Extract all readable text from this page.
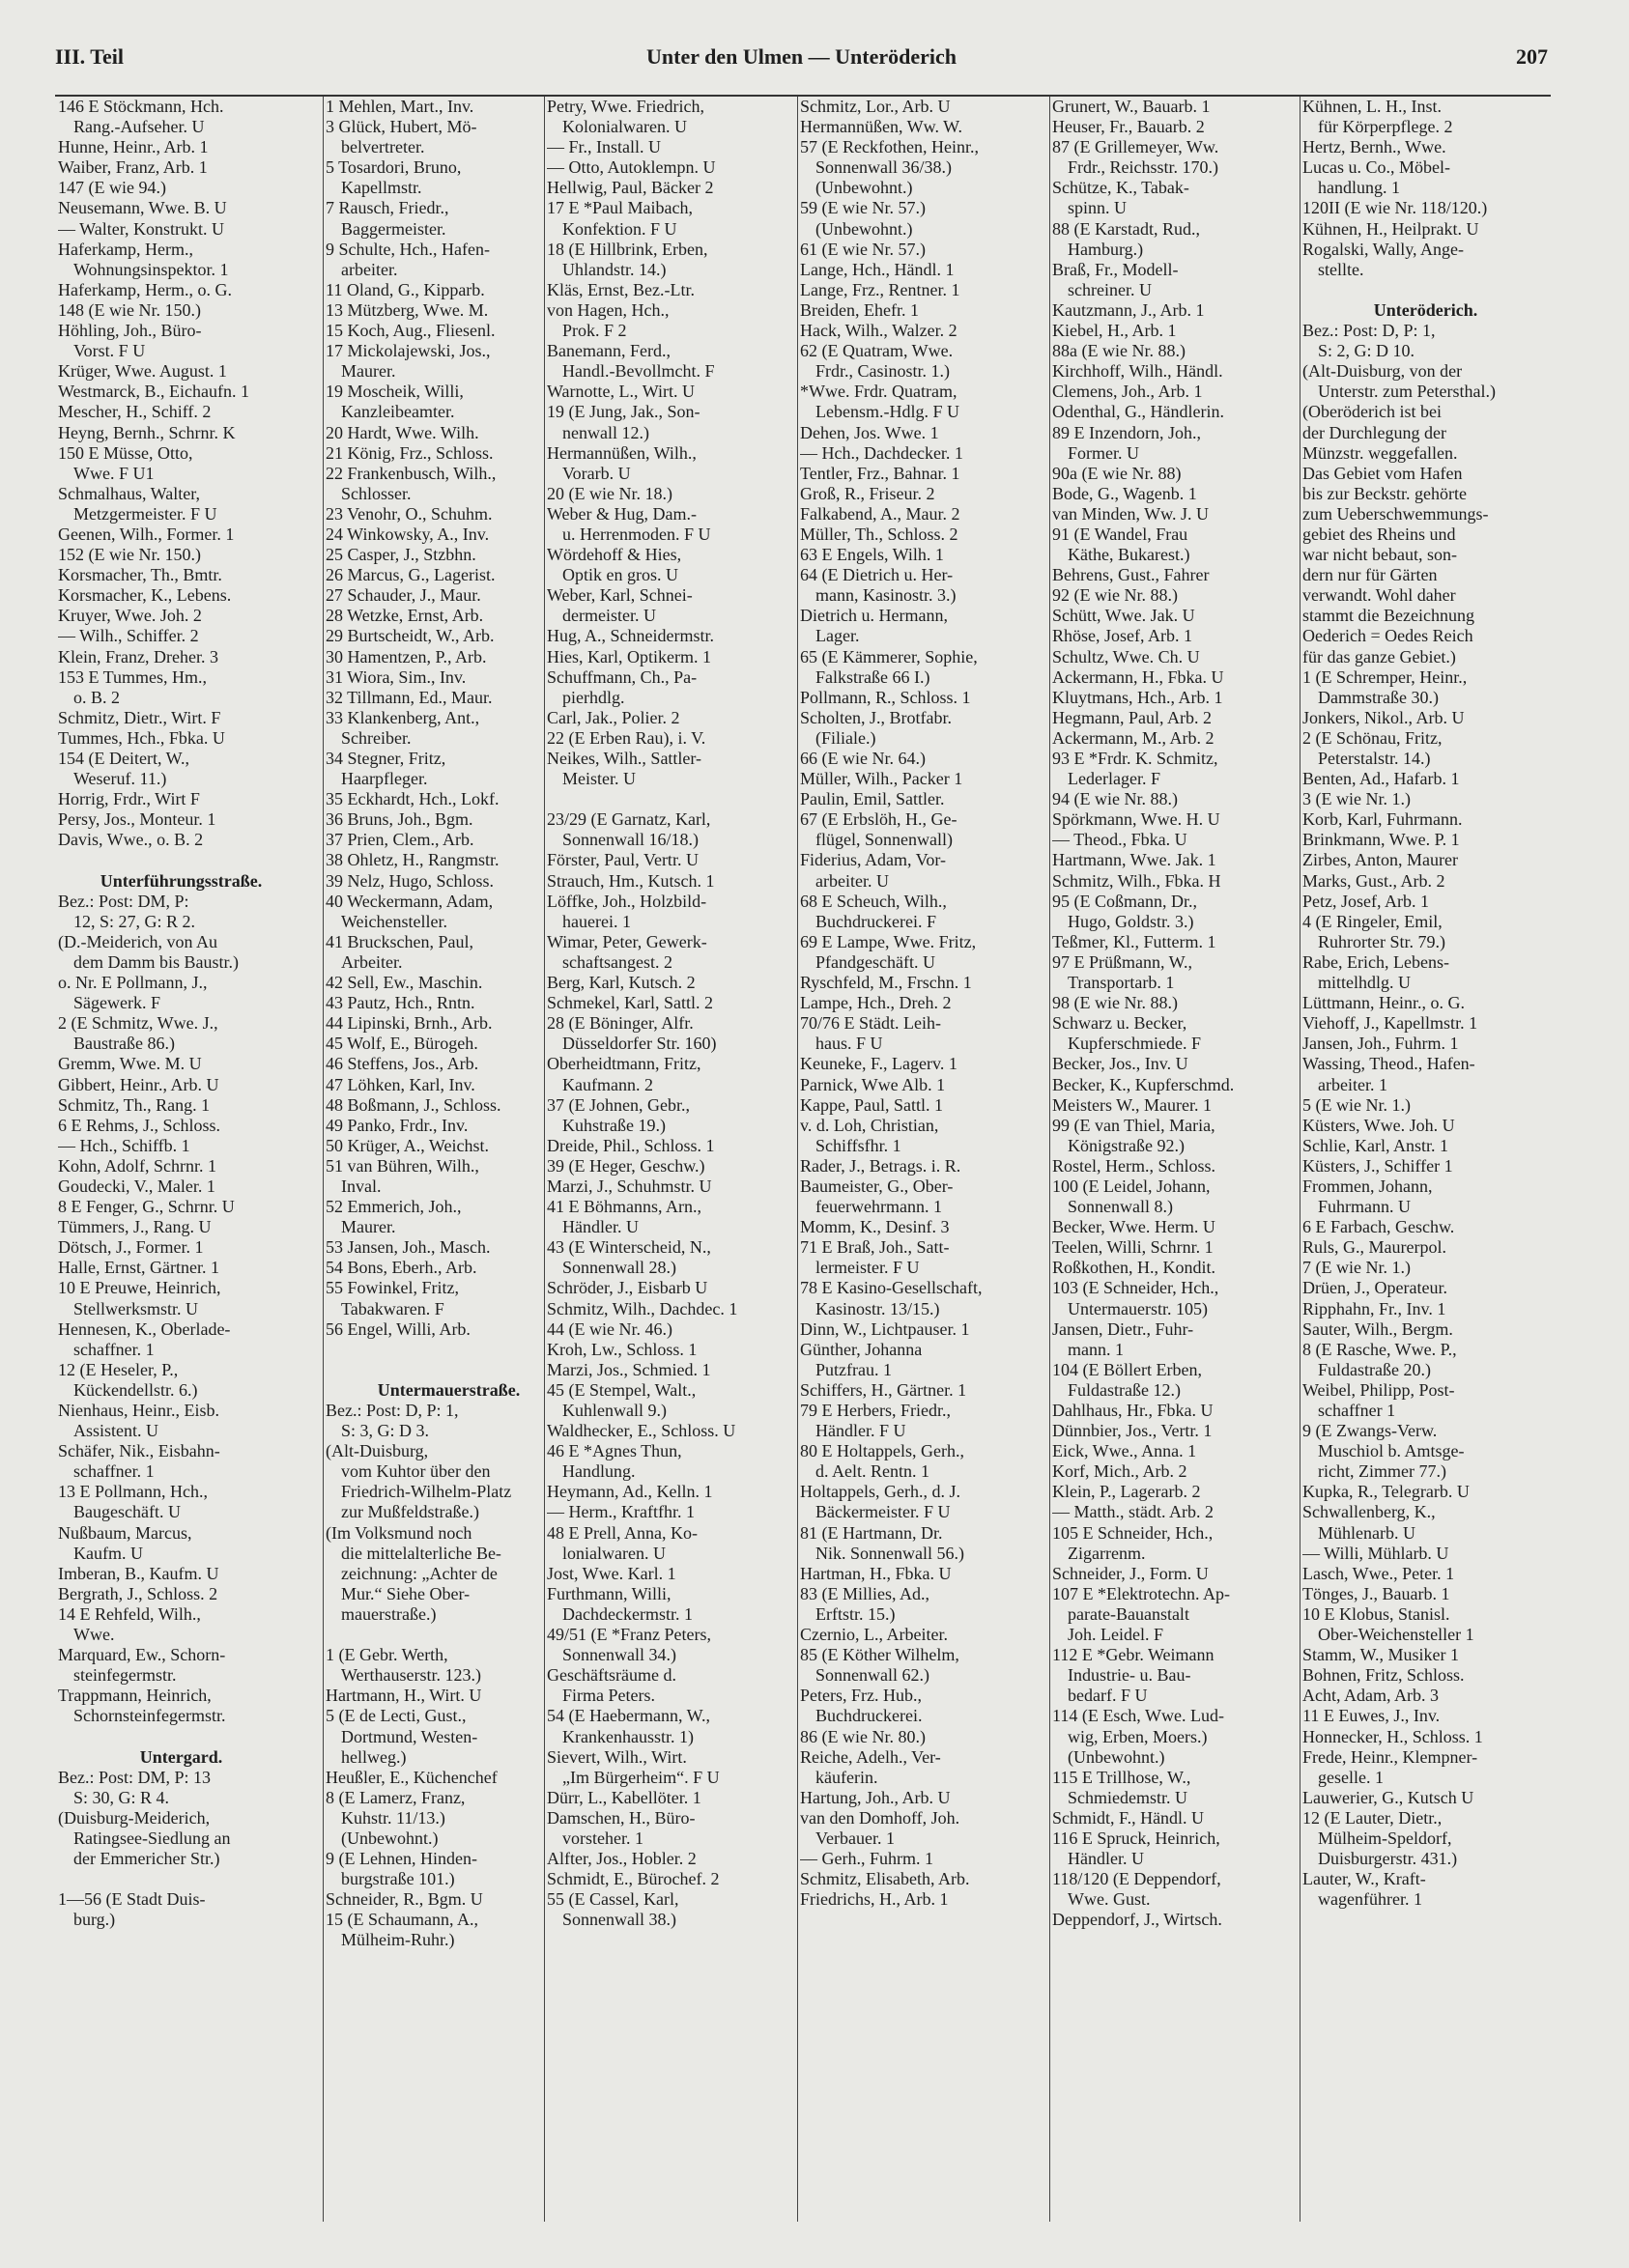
III. Teil	Unter den Ulmen — Unteröderich	207
146 E Stöckmann, Hch.
Rang.-Aufseher. U
Hunne, Heinr., Arb. 1
Waiber, Franz, Arb. 1
147 (E wie 94.)
Neusemann, Wwe. B. U
— Walter, Konstrukt. U
Haferkamp, Herm.,
Wohnungsinspektor. 1
Haferkamp, Herm., o. G.
148 (E wie Nr. 150.)
Höhling, Joh., Büro-
Vorst. F U
Krüger, Wwe. August. 1
Westmarck, B., Eichaufn. 1
Mescher, H., Schiff. 2
Heyng, Bernh., Schrnr. K
150 E Müsse, Otto,
Wwe. F U1
Schmalhaus, Walter,
Metzgermeister. F U
Geenen, Wilh., Former. 1
152 (E wie Nr. 150.)
Korsmacher, Th., Bmtr.
Korsmacher, K., Lebens.
Kruyer, Wwe. Joh. 2
— Wilh., Schiffer. 2
Klein, Franz, Dreher. 3
153 E Tummes, Hm.,
o. B. 2
Schmitz, Dietr., Wirt. F
Tummes, Hch., Fbka. U
154 (E Deitert, W.,
Weseruf. 11.)
Horrig, Frdr., Wirt F
Persy, Jos., Monteur. 1
Davis, Wwe., o. B. 2

Unterführungsstraße.
Bez.: Post: DM, P:
12, S: 27, G: R 2.
(D.-Meiderich, von Au
dem Damm bis Baustr.)
o. Nr. E Pollmann, J.,
Sägewerk. F
2 (E Schmitz, Wwe. J.,
Baustraße 86.)
Gremm, Wwe. M. U
Gibbert, Heinr., Arb. U
Schmitz, Th., Rang. 1
6 E Rehms, J., Schloss.
— Hch., Schiffb. 1
Kohn, Adolf, Schrnr. 1
Goudecki, V., Maler. 1
8 E Fenger, G., Schrnr. U
Tümmers, J., Rang. U
Dötsch, J., Former. 1
Halle, Ernst, Gärtner. 1
10 E Preuwe, Heinrich,
Stellwerksmstr. U
Hennesen, K., Oberlade-
schaffner. 1
12 (E Heseler, P.,
Kückendellstr. 6.)
Nienhaus, Heinr., Eisb.
Assistent. U
Schäfer, Nik., Eisbahn-
schaffner. 1
13 E Pollmann, Hch.,
Baugeschäft. U
Nußbaum, Marcus,
Kaufm. U
Imberan, B., Kaufm. U
Bergrath, J., Schloss. 2
14 E Rehfeld, Wilh.,
Wwe.
Marquard, Ew., Schorn-
steinfegermstr.
Trappmann, Heinrich,
Schornsteinfegermstr.

Untergard.
Bez.: Post: DM, P: 13
S: 30, G: R 4.
(Duisburg-Meiderich,
Ratingsee-Siedlung an
der Emmericher Str.)

1—56 (E Stadt Duis-
burg.)
1 Mehlen, Mart., Inv.
3 Glück, Hubert, Mö-
belvertreter.
5 Tosardori, Bruno,
Kapellmstr.
7 Rausch, Friedr.,
Baggermeister.
9 Schulte, Hch., Hafen-
arbeiter.
11 Oland, G., Kipparb.
13 Mützberg, Wwe. M.
15 Koch, Aug., Fliesenl.
17 Mickolajewski, Jos.,
Maurer.
19 Moscheik, Willi,
Kanzleibeamter.
20 Hardt, Wwe. Wilh.
21 König, Frz., Schloss.
22 Frankenbusch, Wilh.,
Schlosser.
23 Venohr, O., Schuhm.
24 Winkowsky, A., Inv.
25 Casper, J., Stzbhn.
26 Marcus, G., Lagerist.
27 Schauder, J., Maur.
28 Wetzke, Ernst, Arb.
29 Burtscheidt, W., Arb.
30 Hamentzen, P., Arb.
31 Wiora, Sim., Inv.
32 Tillmann, Ed., Maur.
33 Klankenberg, Ant.,
Schreiber.
34 Stegner, Fritz,
Haarpfleger.
35 Eckhardt, Hch., Lokf.
36 Bruns, Joh., Bgm.
37 Prien, Clem., Arb.
38 Ohletz, H., Rangmstr.
39 Nelz, Hugo, Schloss.
40 Weckermann, Adam,
Weichensteller.
41 Bruckschen, Paul,
Arbeiter.
42 Sell, Ew., Maschin.
43 Pautz, Hch., Rntn.
44 Lipinski, Brnh., Arb.
45 Wolf, E., Bürogeh.
46 Steffens, Jos., Arb.
47 Löhken, Karl, Inv.
48 Boßmann, J., Schloss.
49 Panko, Frdr., Inv.
50 Krüger, A., Weichst.
51 van Bühren, Wilh.,
Inval.
52 Emmerich, Joh.,
Maurer.
53 Jansen, Joh., Masch.
54 Bons, Eberh., Arb.
55 Fowinkel, Fritz,
Tabakwaren. F
56 Engel, Willi, Arb.

Untermauerstraße.
Bez.: Post: D, P: 1,
S: 3, G: D 3.
(Alt-Duisburg,
vom Kuhtor über den
Friedrich-Wilhelm-Platz
zur Mußfeldstraße.)
(Im Volksmund noch
die mittelalterliche Be-
zeichnung: „Achter de
Mur.“ Siehe Ober-
mauerstraße.)

1 (E Gebr. Werth,
Werthauserstr. 123.)
Hartmann, H., Wirt. U
5 (E de Lecti, Gust.,
Dortmund, Westen-
hellweg.)
Heußler, E., Küchenchef
8 (E Lamerz, Franz,
Kuhstr. 11/13.)
(Unbewohnt.)
9 (E Lehnen, Hinden-
burgstraße 101.)
Schneider, R., Bgm. U
15 (E Schaumann, A.,
Mülheim-Ruhr.)
Petry, Wwe. Friedrich,
Kolonialwaren. U
— Fr., Install. U
— Otto, Autoklempn. U
Hellwig, Paul, Bäcker 2
17 E *Paul Maibach,
Konfektion. F U
18 (E Hillbrink, Erben,
Uhlandstr. 14.)
Kläs, Ernst, Bez.-Ltr.
von Hagen, Hch.,
Prok. F 2
Banemann, Ferd.,
Handl.-Bevollmcht. F
Warnotte, L., Wirt. U
19 (E Jung, Jak., Son-
nenwall 12.)
Hermannüßen, Wilh.,
Vorarb. U
20 (E wie Nr. 18.)
Weber & Hug, Dam.-
u. Herrenmoden. F U
Wördehoff & Hies,
Optik en gros. U
Weber, Karl, Schnei-
dermeister. U
Hug, A., Schneidermstr.
Hies, Karl, Optikerm. 1
Schuffmann, Ch., Pa-
pierhdlg.
Carl, Jak., Polier. 2
22 (E Erben Rau), i. V.
Neikes, Wilh., Sattler-
Meister. U

23/29 (E Garnatz, Karl,
Sonnenwall 16/18.)
Förster, Paul, Vertr. U
Strauch, Hm., Kutsch. 1
Löffke, Joh., Holzbild-
hauerei. 1
Wimar, Peter, Gewerk-
schaftsangest. 2
Berg, Karl, Kutsch. 2
Schmekel, Karl, Sattl. 2
28 (E Böninger, Alfr.
Düsseldorfer Str. 160)
Oberheidtmann, Fritz,
Kaufmann. 2
37 (E Johnen, Gebr.,
Kuhstraße 19.)
Dreide, Phil., Schloss. 1
39 (E Heger, Geschw.)
Marzi, J., Schuhmstr. U
41 E Böhmanns, Arn.,
Händler. U
43 (E Winterscheid, N.,
Sonnenwall 28.)
Schröder, J., Eisbarb U
Schmitz, Wilh., Dachdec. 1
44 (E wie Nr. 46.)
Kroh, Lw., Schloss. 1
Marzi, Jos., Schmied. 1
45 (E Stempel, Walt.,
Kuhlenwall 9.)
Waldhecker, E., Schloss. U
46 E *Agnes Thun,
Handlung.
Heymann, Ad., Kelln. 1
— Herm., Kraftfhr. 1
48 E Prell, Anna, Ko-
lonialwaren. U
Jost, Wwe. Karl. 1
Furthmann, Willi,
Dachdeckermstr. 1
49/51 (E *Franz Peters,
Sonnenwall 34.)
Geschäftsräume d.
Firma Peters.
54 (E Haebermann, W.,
Krankenhausstr. 1)
Sievert, Wilh., Wirt.
„Im Bürgerheim“. F U
Dürr, L., Kabellöter. 1
Damschen, H., Büro-
vorsteher. 1
Alfter, Jos., Hobler. 2
Schmidt, E., Bürochef. 2
55 (E Cassel, Karl,
Sonnenwall 38.)
Schmitz, Lor., Arb. U
Hermannüßen, Ww. W.
57 (E Reckfothen, Heinr.,
Sonnenwall 36/38.)
(Unbewohnt.)
59 (E wie Nr. 57.)
(Unbewohnt.)
61 (E wie Nr. 57.)
Lange, Hch., Händl. 1
Lange, Frz., Rentner. 1
Breiden, Ehefr. 1
Hack, Wilh., Walzer. 2
62 (E Quatram, Wwe.
Frdr., Casinostr. 1.)
*Wwe. Frdr. Quatram,
Lebensm.-Hdlg. F U
Dehen, Jos. Wwe. 1
— Hch., Dachdecker. 1
Tentler, Frz., Bahnar. 1
Groß, R., Friseur. 2
Falkabend, A., Maur. 2
Müller, Th., Schloss. 2
63 E Engels, Wilh. 1
64 (E Dietrich u. Her-
mann, Kasinostr. 3.)
Dietrich u. Hermann,
Lager.
65 (E Kämmerer, Sophie,
Falkstraße 66 I.)
Pollmann, R., Schloss. 1
Scholten, J., Brotfabr.
(Filiale.)
66 (E wie Nr. 64.)
Müller, Wilh., Packer 1
Paulin, Emil, Sattler.
67 (E Erbslöh, H., Ge-
flügel, Sonnenwall)
Fiderius, Adam, Vor-
arbeiter. U
68 E Scheuch, Wilh.,
Buchdruckerei. F
69 E Lampe, Wwe. Fritz,
Pfandgeschäft. U
Ryschfeld, M., Frschn. 1
Lampe, Hch., Dreh. 2
70/76 E Städt. Leih-
haus. F U
Keuneke, F., Lagerv. 1
Parnick, Wwe Alb. 1
Kappe, Paul, Sattl. 1
v. d. Loh, Christian,
Schiffsfhr. 1
Rader, J., Betrags. i. R.
Baumeister, G., Ober-
feuerwehrmann. 1
Momm, K., Desinf. 3
71 E Braß, Joh., Satt-
lermeister. F U
78 E Kasino-Gesellschaft,
Kasinostr. 13/15.)
Dinn, W., Lichtpauser. 1
Günther, Johanna
Putzfrau. 1
Schiffers, H., Gärtner. 1
79 E Herbers, Friedr.,
Händler. F U
80 E Holtappels, Gerh.,
d. Aelt. Rentn. 1
Holtappels, Gerh., d. J.
Bäckermeister. F U
81 (E Hartmann, Dr.
Nik. Sonnenwall 56.)
Hartman, H., Fbka. U
83 (E Millies, Ad.,
Erftstr. 15.)
Czernio, L., Arbeiter.
85 (E Köther Wilhelm,
Sonnenwall 62.)
Peters, Frz. Hub.,
Buchdruckerei.
86 (E wie Nr. 80.)
Reiche, Adelh., Ver-
käuferin.
Hartung, Joh., Arb. U
van den Domhoff, Joh.
Verbauer. 1
— Gerh., Fuhrm. 1
Schmitz, Elisabeth, Arb.
Friedrichs, H., Arb. 1
Grunert, W., Bauarb. 1
Heuser, Fr., Bauarb. 2
87 (E Grillemeyer, Ww.
Frdr., Reichsstr. 170.)
Schütze, K., Tabak-
spinn. U
88 (E Karstadt, Rud.,
Hamburg.)
Braß, Fr., Modell-
schreiner. U
Kautzmann, J., Arb. 1
Kiebel, H., Arb. 1
88a (E wie Nr. 88.)
Kirchhoff, Wilh., Händl.
Clemens, Joh., Arb. 1
Odenthal, G., Händlerin.
89 E Inzendorn, Joh.,
Former. U
90a (E wie Nr. 88)
Bode, G., Wagenb. 1
van Minden, Ww. J. U
91 (E Wandel, Frau
Käthe, Bukarest.)
Behrens, Gust., Fahrer
92 (E wie Nr. 88.)
Schütt, Wwe. Jak. U
Rhöse, Josef, Arb. 1
Schultz, Wwe. Ch. U
Ackermann, H., Fbka. U
Kluytmans, Hch., Arb. 1
Hegmann, Paul, Arb. 2
Ackermann, M., Arb. 2
93 E *Frdr. K. Schmitz,
Lederlager. F
94 (E wie Nr. 88.)
Spörkmann, Wwe. H. U
— Theod., Fbka. U
Hartmann, Wwe. Jak. 1
Schmitz, Wilh., Fbka. H
95 (E Coßmann, Dr.,
Hugo, Goldstr. 3.)
Teßmer, Kl., Futterm. 1
97 E Prüßmann, W.,
Transportarb. 1
98 (E wie Nr. 88.)
Schwarz u. Becker,
Kupferschmiede. F
Becker, Jos., Inv. U
Becker, K., Kupferschmd.
Meisters W., Maurer. 1
99 (E van Thiel, Maria,
Königstraße 92.)
Rostel, Herm., Schloss.
100 (E Leidel, Johann,
Sonnenwall 8.)
Becker, Wwe. Herm. U
Teelen, Willi, Schrnr. 1
Roßkothen, H., Kondit.
103 (E Schneider, Hch.,
Untermauerstr. 105)
Jansen, Dietr., Fuhr-
mann. 1
104 (E Böllert Erben,
Fuldastraße 12.)
Dahlhaus, Hr., Fbka. U
Dünnbier, Jos., Vertr. 1
Eick, Wwe., Anna. 1
Korf, Mich., Arb. 2
Klein, P., Lagerarb. 2
— Matth., städt. Arb. 2
105 E Schneider, Hch.,
Zigarrenm.
Schneider, J., Form. U
107 E *Elektrotechn. Ap-
parate-Bauanstalt
Joh. Leidel. F
112 E *Gebr. Weimann
Industrie- u. Bau-
bedarf. F U
114 (E Esch, Wwe. Lud-
wig, Erben, Moers.)
(Unbewohnt.)
115 E Trillhose, W.,
Schmiedemstr. U
Schmidt, F., Händl. U
116 E Spruck, Heinrich,
Händler. U
118/120 (E Deppendorf,
Wwe. Gust.
Deppendorf, J., Wirtsch.
Kühnen, L. H., Inst.
für Körperpflege. 2
Hertz, Bernh., Wwe.
Lucas u. Co., Möbel-
handlung. 1
120II (E wie Nr. 118/120.)
Kühnen, H., Heilprakt. U
Rogalski, Wally, Ange-
stellte.

Unteröderich.
Bez.: Post: D, P: 1,
S: 2, G: D 10.
(Alt-Duisburg, von der
Unterstr. zum Petersthal.)
(Oberöderich ist bei
der Durchlegung der
Münzstr. weggefallen.
Das Gebiet vom Hafen
bis zur Beckstr. gehörte
zum Ueberschwemmungs-
gebiet des Rheins und
war nicht bebaut, son-
dern nur für Gärten
verwandt. Wohl daher
stammt die Bezeichnung
Oederich = Oedes Reich
für das ganze Gebiet.)
1 (E Schremper, Heinr.,
Dammstraße 30.)
Jonkers, Nikol., Arb. U
2 (E Schönau, Fritz,
Peterstalstr. 14.)
Benten, Ad., Hafarb. 1
3 (E wie Nr. 1.)
Korb, Karl, Fuhrmann.
Brinkmann, Wwe. P. 1
Zirbes, Anton, Maurer
Marks, Gust., Arb. 2
Petz, Josef, Arb. 1
4 (E Ringeler, Emil,
Ruhrorter Str. 79.)
Rabe, Erich, Lebens-
mittelhdlg. U
Lüttmann, Heinr., o. G.
Viehoff, J., Kapellmstr. 1
Jansen, Joh., Fuhrm. 1
Wassing, Theod., Hafen-
arbeiter. 1
5 (E wie Nr. 1.)
Küsters, Wwe. Joh. U
Schlie, Karl, Anstr. 1
Küsters, J., Schiffer 1
Frommen, Johann,
Fuhrmann. U
6 E Farbach, Geschw.
Ruls, G., Maurerpol.
7 (E wie Nr. 1.)
Drüen, J., Operateur.
Ripphahn, Fr., Inv. 1
Sauter, Wilh., Bergm.
8 (E Rasche, Wwe. P.,
Fuldastraße 20.)
Weibel, Philipp, Post-
schaffner 1
9 (E Zwangs-Verw.
Muschiol b. Amtsge-
richt, Zimmer 77.)
Kupka, R., Telegrarb. U
Schwallenberg, K.,
Mühlenarb. U
— Willi, Mühlarb. U
Lasch, Wwe., Peter. 1
Tönges, J., Bauarb. 1
10 E Klobus, Stanisl.
Ober-Weichensteller 1
Stamm, W., Musiker 1
Bohnen, Fritz, Schloss.
Acht, Adam, Arb. 3
11 E Euwes, J., Inv.
Honnecker, H., Schloss. 1
Frede, Heinr., Klempner-
geselle. 1
Lauwerier, G., Kutsch U
12 (E Lauter, Dietr.,
Mülheim-Speldorf,
Duisburgerstr. 431.)
Lauter, W., Kraft-
wagenführer. 1
